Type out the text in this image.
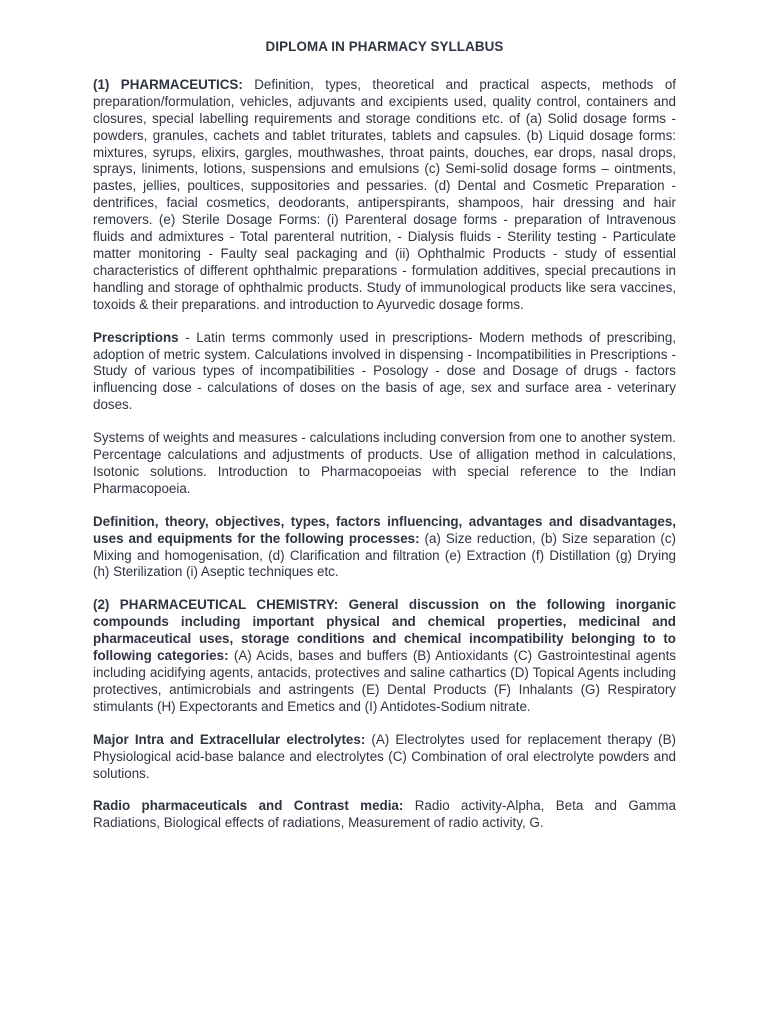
DIPLOMA IN PHARMACY SYLLABUS

(1) PHARMACEUTICS: Definition, types, theoretical and practical aspects, methods of preparation/formulation, vehicles, adjuvants and excipients used, quality control, containers and closures, special labelling requirements and storage conditions etc. of (a) Solid dosage forms - powders, granules, cachets and tablet triturates, tablets and capsules. (b) Liquid dosage forms: mixtures, syrups, elixirs, gargles, mouthwashes, throat paints, douches, ear drops, nasal drops, sprays, liniments, lotions, suspensions and emulsions (c) Semi-solid dosage forms – ointments, pastes, jellies, poultices, suppositories and pessaries. (d) Dental and Cosmetic Preparation - dentrifices, facial cosmetics, deodorants, antiperspirants, shampoos, hair dressing and hair removers. (e) Sterile Dosage Forms: (i) Parenteral dosage forms - preparation of Intravenous fluids and admixtures - Total parenteral nutrition, - Dialysis fluids - Sterility testing - Particulate matter monitoring - Faulty seal packaging and (ii) Ophthalmic Products - study of essential characteristics of different ophthalmic preparations - formulation additives, special precautions in handling and storage of ophthalmic products. Study of immunological products like sera vaccines, toxoids & their preparations. and introduction to Ayurvedic dosage forms.

Prescriptions - Latin terms commonly used in prescriptions- Modern methods of prescribing, adoption of metric system. Calculations involved in dispensing - Incompatibilities in Prescriptions - Study of various types of incompatibilities - Posology - dose and Dosage of drugs - factors influencing dose - calculations of doses on the basis of age, sex and surface area - veterinary doses.

Systems of weights and measures - calculations including conversion from one to another system. Percentage calculations and adjustments of products. Use of alligation method in calculations, Isotonic solutions. Introduction to Pharmacopoeias with special reference to the Indian Pharmacopoeia.

Definition, theory, objectives, types, factors influencing, advantages and disadvantages, uses and equipments for the following processes: (a) Size reduction, (b) Size separation (c) Mixing and homogenisation, (d) Clarification and filtration (e) Extraction (f) Distillation (g) Drying (h) Sterilization (i) Aseptic techniques etc.

(2) PHARMACEUTICAL CHEMISTRY: General discussion on the following inorganic compounds including important physical and chemical properties, medicinal and pharmaceutical uses, storage conditions and chemical incompatibility belonging to to following categories: (A) Acids, bases and buffers (B) Antioxidants (C) Gastrointestinal agents including acidifying agents, antacids, protectives and saline cathartics (D) Topical Agents including protectives, antimicrobials and astringents (E) Dental Products (F) Inhalants (G) Respiratory stimulants (H) Expectorants and Emetics and (I) Antidotes-Sodium nitrate.

Major Intra and Extracellular electrolytes: (A) Electrolytes used for replacement therapy (B) Physiological acid-base balance and electrolytes (C) Combination of oral electrolyte powders and solutions.

Radio pharmaceuticals and Contrast media: Radio activity-Alpha, Beta and Gamma Radiations, Biological effects of radiations, Measurement of radio activity, G.
